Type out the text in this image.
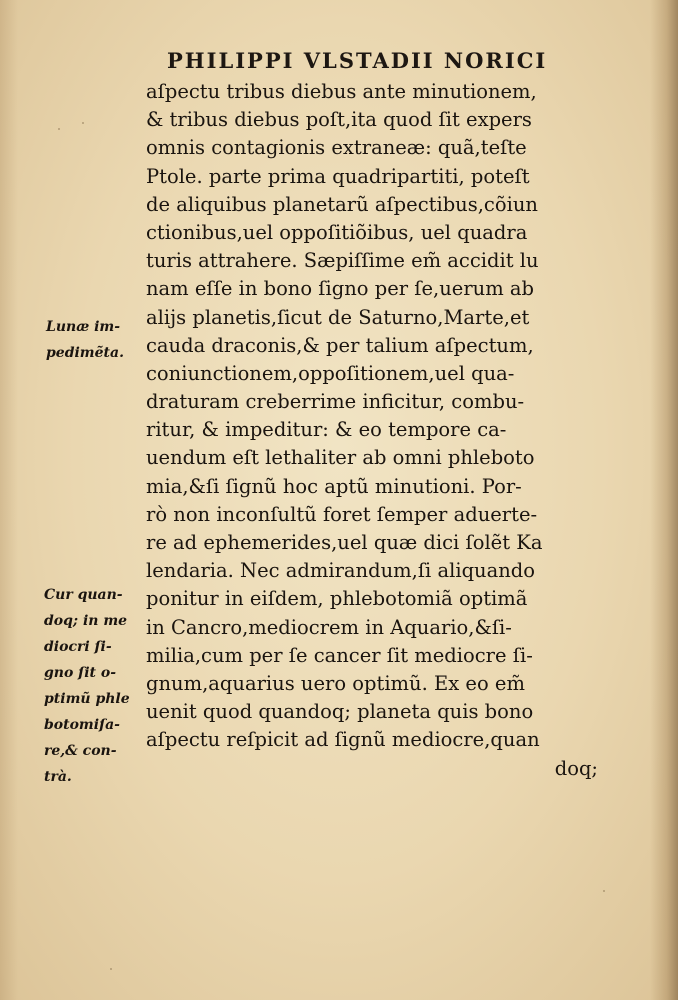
PHILIPPI VLSTADII NORICI
aſpectu tribus diebus ante minutionem,
& tribus diebus poſt,ita quod ſit expers
omnis contagionis extraneæ: quã,teſte
Ptole. parte prima quadripartiti, poteſt
de aliquibus planetarũ aſpectibus,cõiun
ctionibus,uel oppoſitiõibus, uel quadra
turis attrahere. Sæpiſſime em̃ accidit lu
nam eſſe in bono ſigno per ſe,uerum ab
alijs planetis,ſicut de Saturno,Marte,et
cauda draconis,& per talium aſpectum,
coniunctionem,oppoſitionem,uel qua-
draturam creberrime inficitur, combu-
ritur, & impeditur: & eo tempore ca-
uendum eſt lethaliter ab omni phleboto
mia,&ſi ſignũ hoc aptũ minutioni. Por-
rò non inconſultũ foret ſemper aduerte-
re ad ephemerides,uel quæ dici ſolẽt Ka
lendaria. Nec admirandum,ſi aliquando
ponitur in eiſdem, phlebotomiã optimã
in Cancro,mediocrem in Aquario,&ſi-
milia,cum per ſe cancer ſit mediocre ſi-
gnum,aquarius uero optimũ. Ex eo em̃
uenit quod quandoq; planeta quis bono
aſpectu reſpicit ad ſignũ mediocre,quan
doq;
Lunæ im-
pedimẽta.
Cur quan-
doq; in me
diocri ſi-
gno ſit o-
ptimũ phle
botomiſa-
re,& con-
trà.
